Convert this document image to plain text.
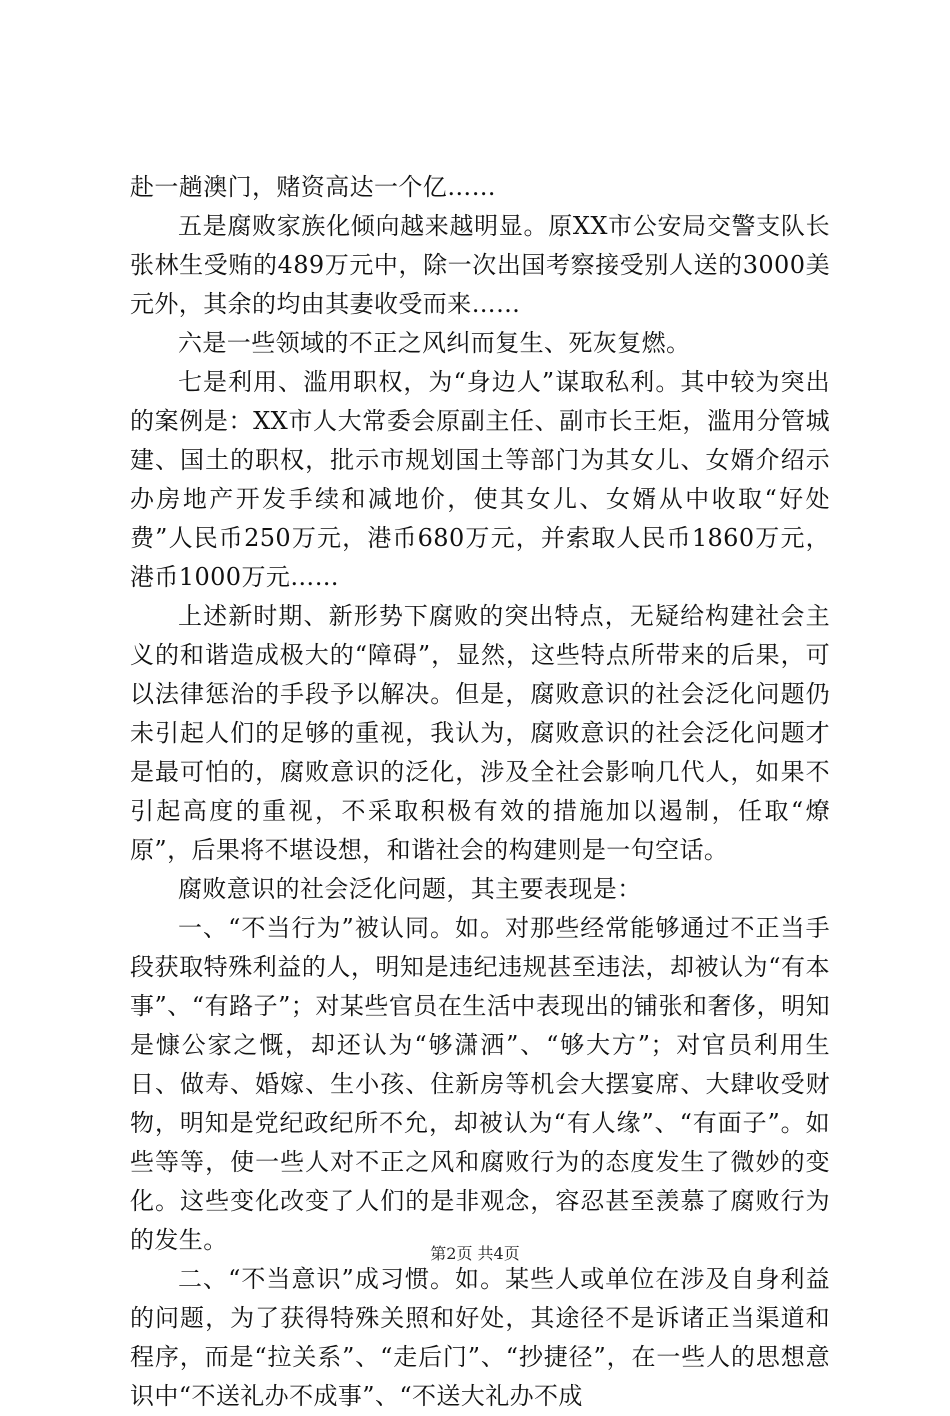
赴一趟澳门，赌资高达一个亿……

五是腐败家族化倾向越来越明显。原XX市公安局交警支队长张林生受贿的489万元中，除一次出国考察接受别人送的3000美元外，其余的均由其妻收受而来……

六是一些领域的不正之风纠而复生、死灰复燃。

七是利用、滥用职权，为“身边人”谋取私利。其中较为突出的案例是：XX市人大常委会原副主任、副市长王炬，滥用分管城建、国土的职权，批示市规划国土等部门为其女儿、女婿介绍示办房地产开发手续和减地价，使其女儿、女婿从中收取“好处费”人民币250万元，港币680万元，并索取人民币1860万元，港币1000万元……

上述新时期、新形势下腐败的突出特点，无疑给构建社会主义的和谐造成极大的“障碍”，显然，这些特点所带来的后果，可以法律惩治的手段予以解决。但是，腐败意识的社会泛化问题仍未引起人们的足够的重视，我认为，腐败意识的社会泛化问题才是最可怕的，腐败意识的泛化，涉及全社会影响几代人，如果不引起高度的重视，不采取积极有效的措施加以遏制，任取“燎原”，后果将不堪设想，和谐社会的构建则是一句空话。

腐败意识的社会泛化问题，其主要表现是：

一、“不当行为”被认同。如。对那些经常能够通过不正当手段获取特殊利益的人，明知是违纪违规甚至违法，却被认为“有本事”、“有路子”；对某些官员在生活中表现出的铺张和奢侈，明知是慷公家之慨，却还认为“够潇洒”、“够大方”；对官员利用生日、做寿、婚嫁、生小孩、住新房等机会大摆宴席、大肆收受财物，明知是党纪政纪所不允，却被认为“有人缘”、“有面子”。如些等等，使一些人对不正之风和腐败行为的态度发生了微妙的变化。这些变化改变了人们的是非观念，容忍甚至羡慕了腐败行为的发生。

二、“不当意识”成习惯。如。某些人或单位在涉及自身利益的问题，为了获得特殊关照和好处，其途径不是诉诸正当渠道和程序，而是“拉关系”、“走后门”、“抄捷径”，在一些人的思想意识中“不送礼办不成事”、“不送大礼办不成

第2页 共4页
